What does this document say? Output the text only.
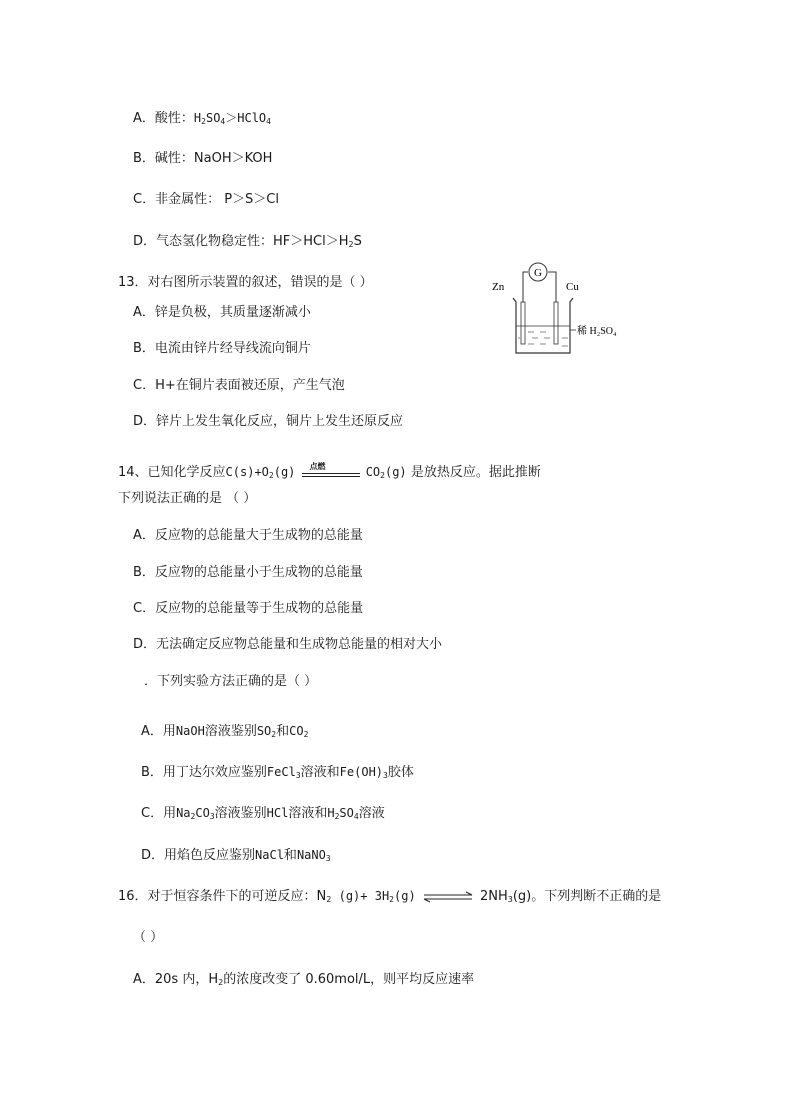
A．酸性：$H_2SO_4>HClO_4$
B．碱性：NaOH＞KOH
C．非金属性： P＞S＞Cl
D．气态氢化物稳定性：$HF>HCl>H_2S$
13．对右图所示装置的叙述，错误的是（ ）
A．锌是负极，其质量逐渐减小
B．电流由锌片经导线流向铜片
C．H+在铜片表面被还原，产生气泡
D．锌片上发生氧化反应，铜片上发生还原反应
G
Zn	Cu
稀 H₂SO₄
14、已知化学反应$C(s)+O_2(g)$ 点燃	$CO_2(g)$ 是放热反应。据此推断
下列说法正确的是 （ ）
A．反应物的总能量大于生成物的总能量
B．反应物的总能量小于生成物的总能量
C．反应物的总能量等于生成物的总能量
D．无法确定反应物总能量和生成物总能量的相对大小
．下列实验方法正确的是（ ）
A．用NaOH溶液鉴别$SO_2$和$CO_2$
B．用丁达尔效应鉴别FeCl$_3$溶液和$Fe(OH)_3$胶体
C．用$Na_2CO_3$溶液鉴别HCl溶液和$H_2SO_4$溶液
D．用焰色反应鉴别NaCl和NaNO$_3$
16．对于恒容条件下的可逆反应：$N_2$ $(g)+ 3H_2(g)$	$2NH_3(g)$。下列判断不正确的是
（ ）
A．20s 内，$H_2$的浓度改变了 0.60mol/L，则平均反应速率
